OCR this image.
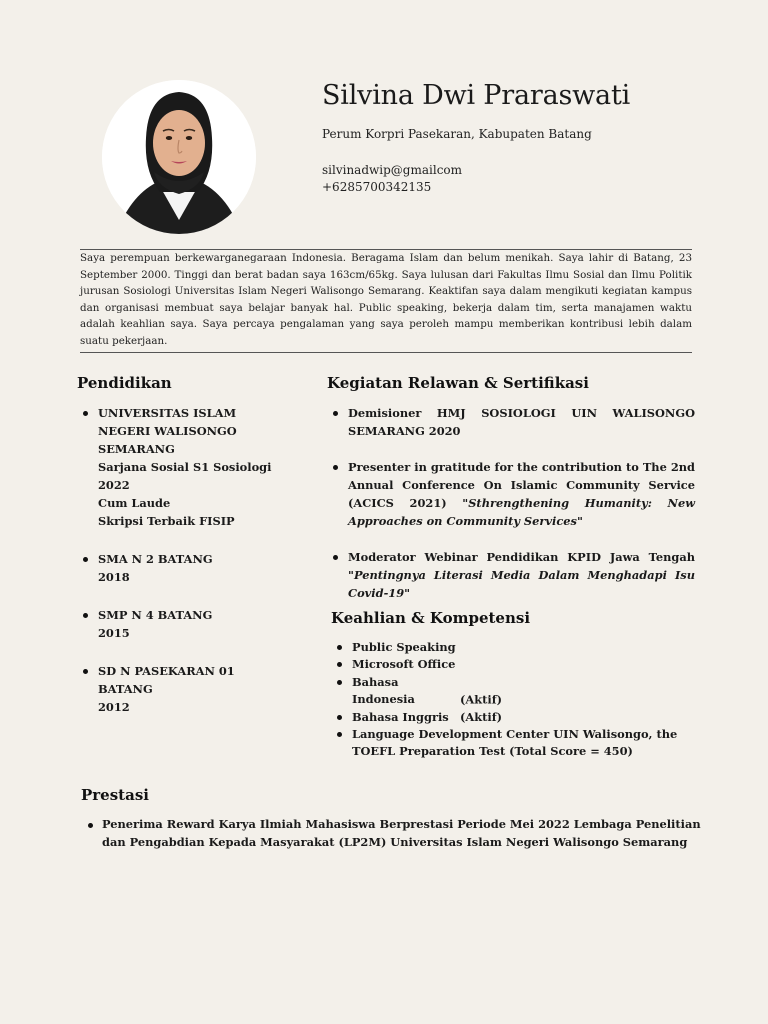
Silvina Dwi Praraswati
Perum Korpri Pasekaran, Kabupaten Batang
silvinadwip@gmailcom
+6285700342135
Saya perempuan berkewarganegaraan Indonesia. Beragama Islam dan belum menikah. Saya lahir di Batang, 23 September 2000. Tinggi dan berat badan saya 163cm/65kg. Saya lulusan dari Fakultas Ilmu Sosial dan Ilmu Politik jurusan Sosiologi Universitas Islam Negeri Walisongo Semarang. Keaktifan saya dalam mengikuti kegiatan kampus dan organisasi membuat saya belajar banyak hal. Public speaking, bekerja dalam tim, serta manajamen waktu adalah keahlian saya. Saya percaya pengalaman yang saya peroleh mampu memberikan kontribusi lebih dalam suatu pekerjaan.
Pendidikan
UNIVERSITAS ISLAM NEGERI WALISONGO SEMARANG
Sarjana Sosial S1 Sosiologi
2022
Cum Laude
Skripsi Terbaik FISIP
SMA N 2 BATANG
2018
SMP N 4 BATANG
2015
SD N PASEKARAN 01 BATANG
2012
Kegiatan Relawan & Sertifikasi
Demisioner HMJ SOSIOLOGI UIN WALISONGO SEMARANG 2020
Presenter in gratitude for the contribution to The 2nd Annual Conference On Islamic Community Service (ACICS 2021) "Sthrengthening Humanity: New Approaches on Community Services"
Moderator Webinar Pendidikan KPID Jawa Tengah "Pentingnya Literasi Media Dalam Menghadapi Isu Covid-19"
Keahlian & Kompetensi
Public Speaking
Microsoft Office
Bahasa Indonesia	(Aktif)
Bahasa Inggris (Aktif)
Language Development Center UIN Walisongo, the TOEFL Preparation Test (Total Score = 450)
Prestasi
Penerima Reward Karya Ilmiah Mahasiswa Berprestasi Periode Mei 2022 Lembaga Penelitian dan Pengabdian Kepada Masyarakat (LP2M) Universitas Islam Negeri Walisongo Semarang
